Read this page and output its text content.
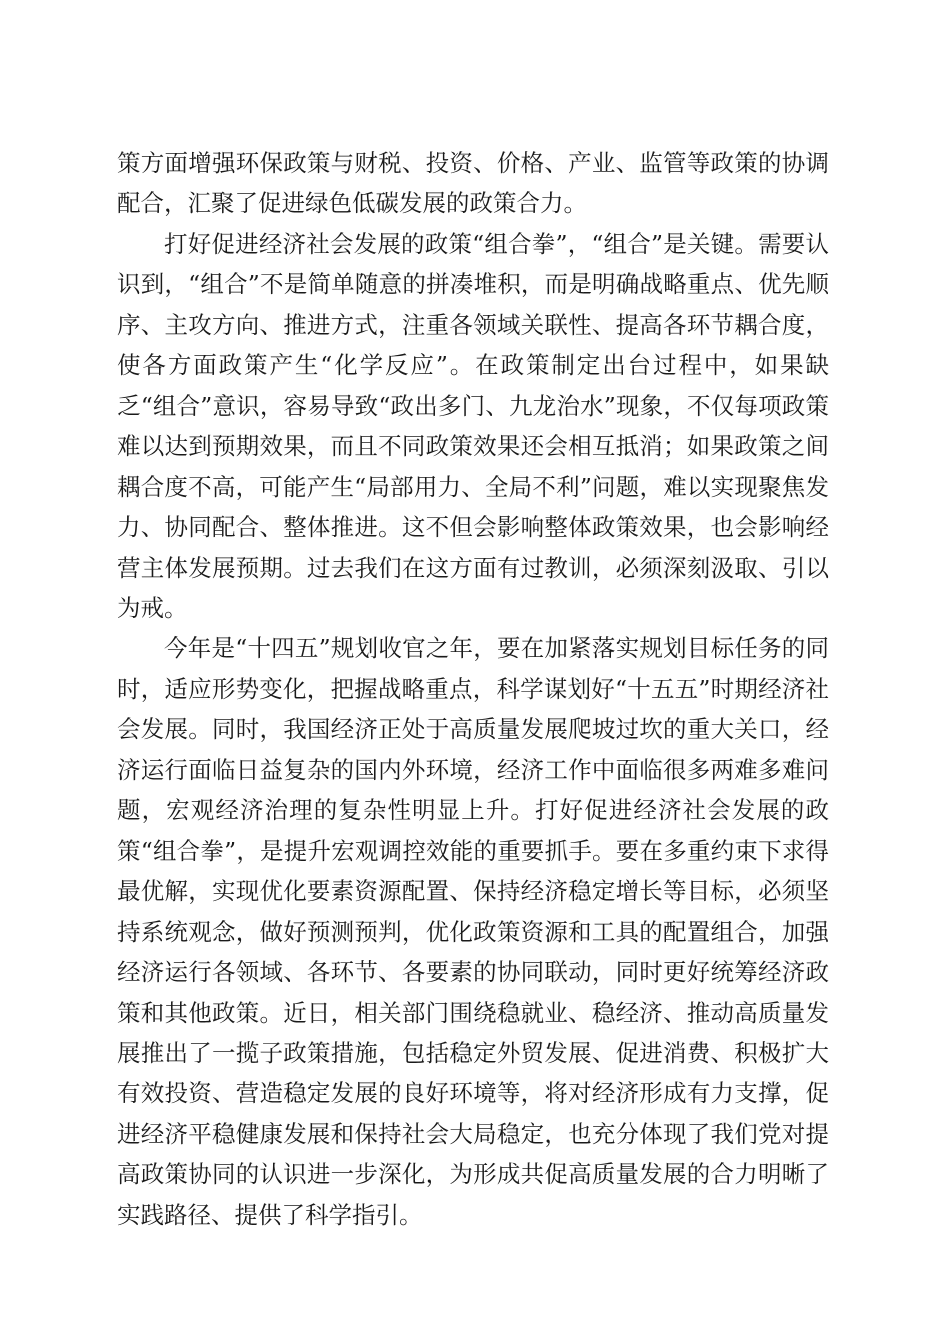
策方面增强环保政策与财税、投资、价格、产业、监管等政策的协调配合，汇聚了促进绿色低碳发展的政策合力。

打好促进经济社会发展的政策“组合拳”，“组合”是关键。需要认识到，“组合”不是简单随意的拼凑堆积，而是明确战略重点、优先顺序、主攻方向、推进方式，注重各领域关联性、提高各环节耦合度，使各方面政策产生“化学反应”。在政策制定出台过程中，如果缺乏“组合”意识，容易导致“政出多门、九龙治水”现象，不仅每项政策难以达到预期效果，而且不同政策效果还会相互抵消；如果政策之间耦合度不高，可能产生“局部用力、全局不利”问题，难以实现聚焦发力、协同配合、整体推进。这不但会影响整体政策效果，也会影响经营主体发展预期。过去我们在这方面有过教训，必须深刻汲取、引以为戒。

今年是“十四五”规划收官之年，要在加紧落实规划目标任务的同时，适应形势变化，把握战略重点，科学谋划好“十五五”时期经济社会发展。同时，我国经济正处于高质量发展爬坡过坎的重大关口，经济运行面临日益复杂的国内外环境，经济工作中面临很多两难多难问题，宏观经济治理的复杂性明显上升。打好促进经济社会发展的政策“组合拳”，是提升宏观调控效能的重要抓手。要在多重约束下求得最优解，实现优化要素资源配置、保持经济稳定增长等目标，必须坚持系统观念，做好预测预判，优化政策资源和工具的配置组合，加强经济运行各领域、各环节、各要素的协同联动，同时更好统筹经济政策和其他政策。近日，相关部门围绕稳就业、稳经济、推动高质量发展推出了一揽子政策措施，包括稳定外贸发展、促进消费、积极扩大有效投资、营造稳定发展的良好环境等，将对经济形成有力支撑，促进经济平稳健康发展和保持社会大局稳定，也充分体现了我们党对提高政策协同的认识进一步深化，为形成共促高质量发展的合力明晰了实践路径、提供了科学指引。
